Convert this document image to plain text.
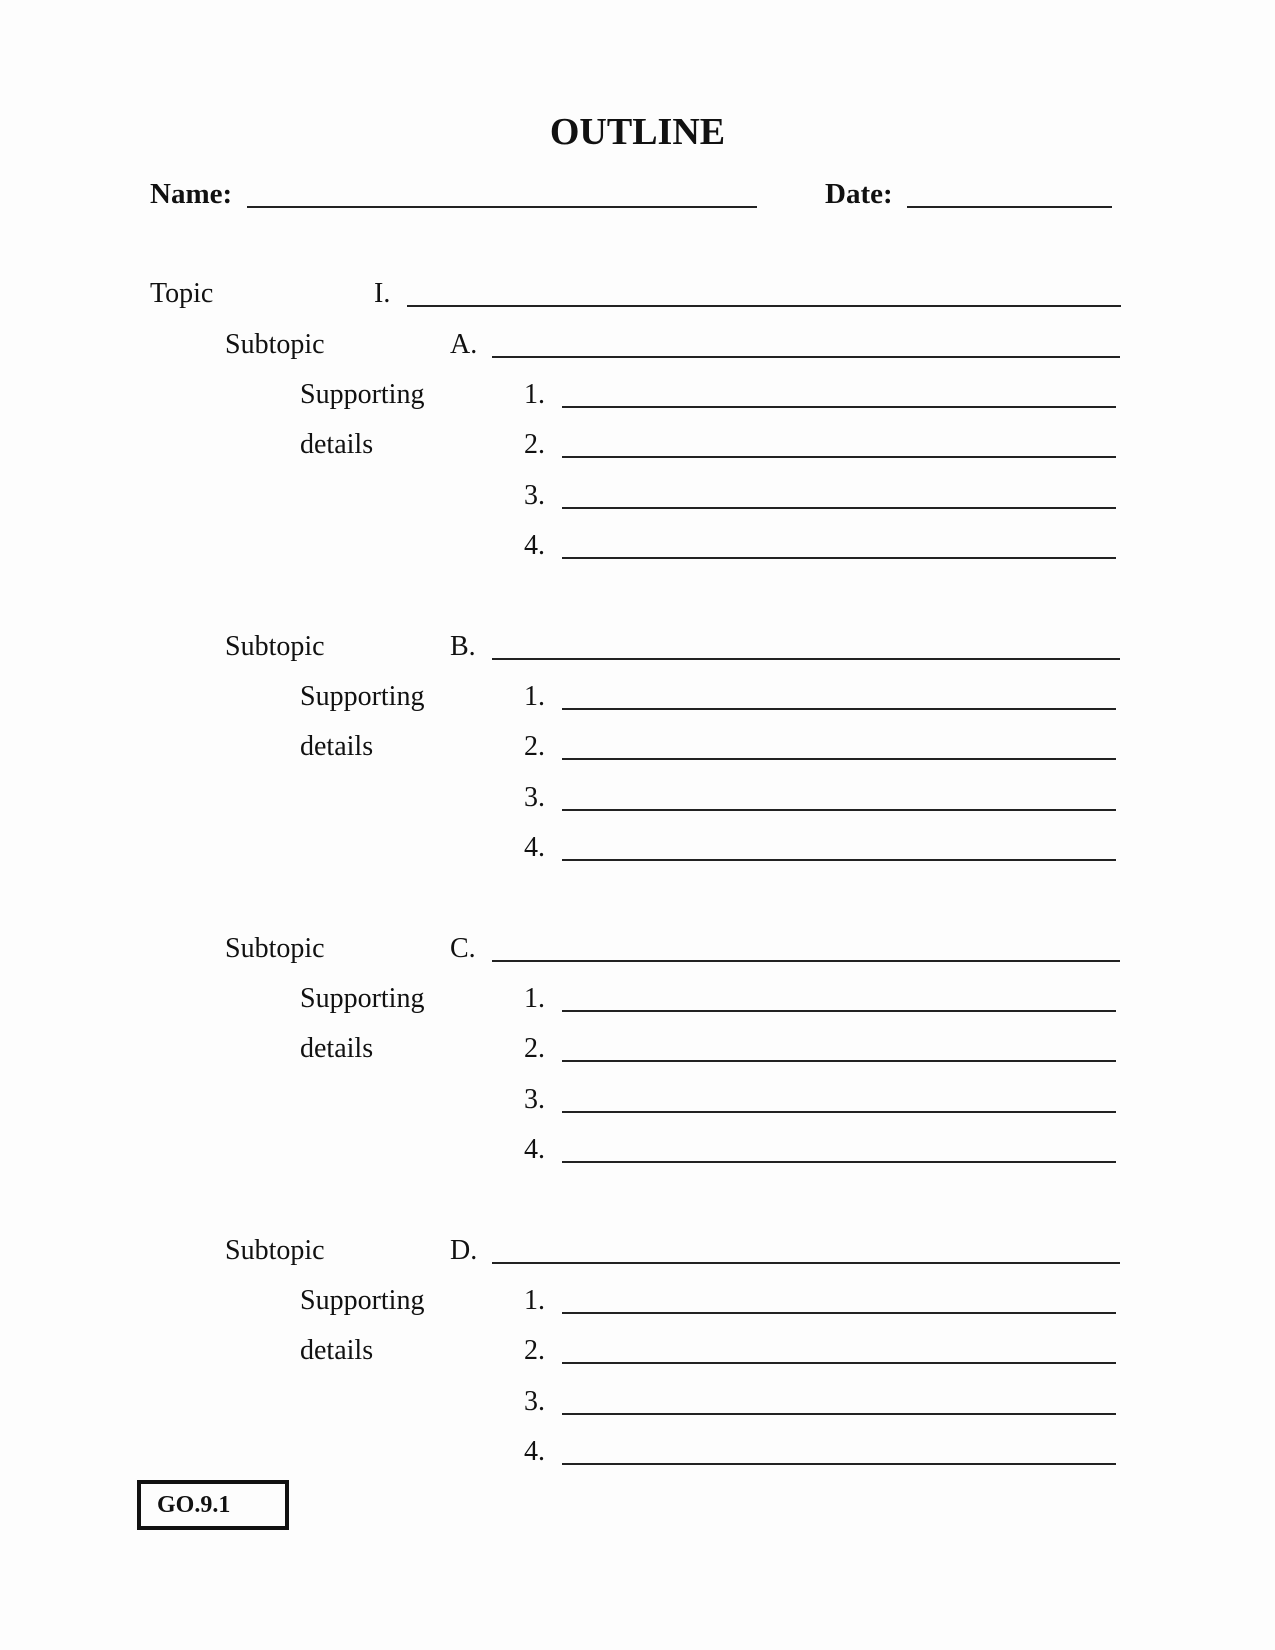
OUTLINE
Name:	Date:
Topic	I.
Subtopic	A.
Supporting
details
1.
2.
3.
4.
Subtopic	B.
Supporting
details
1.
2.
3.
4.
Subtopic	C.
Supporting
details
1.
2.
3.
4.
Subtopic	D.
Supporting
details
1.
2.
3.
4.
GO.9.1
